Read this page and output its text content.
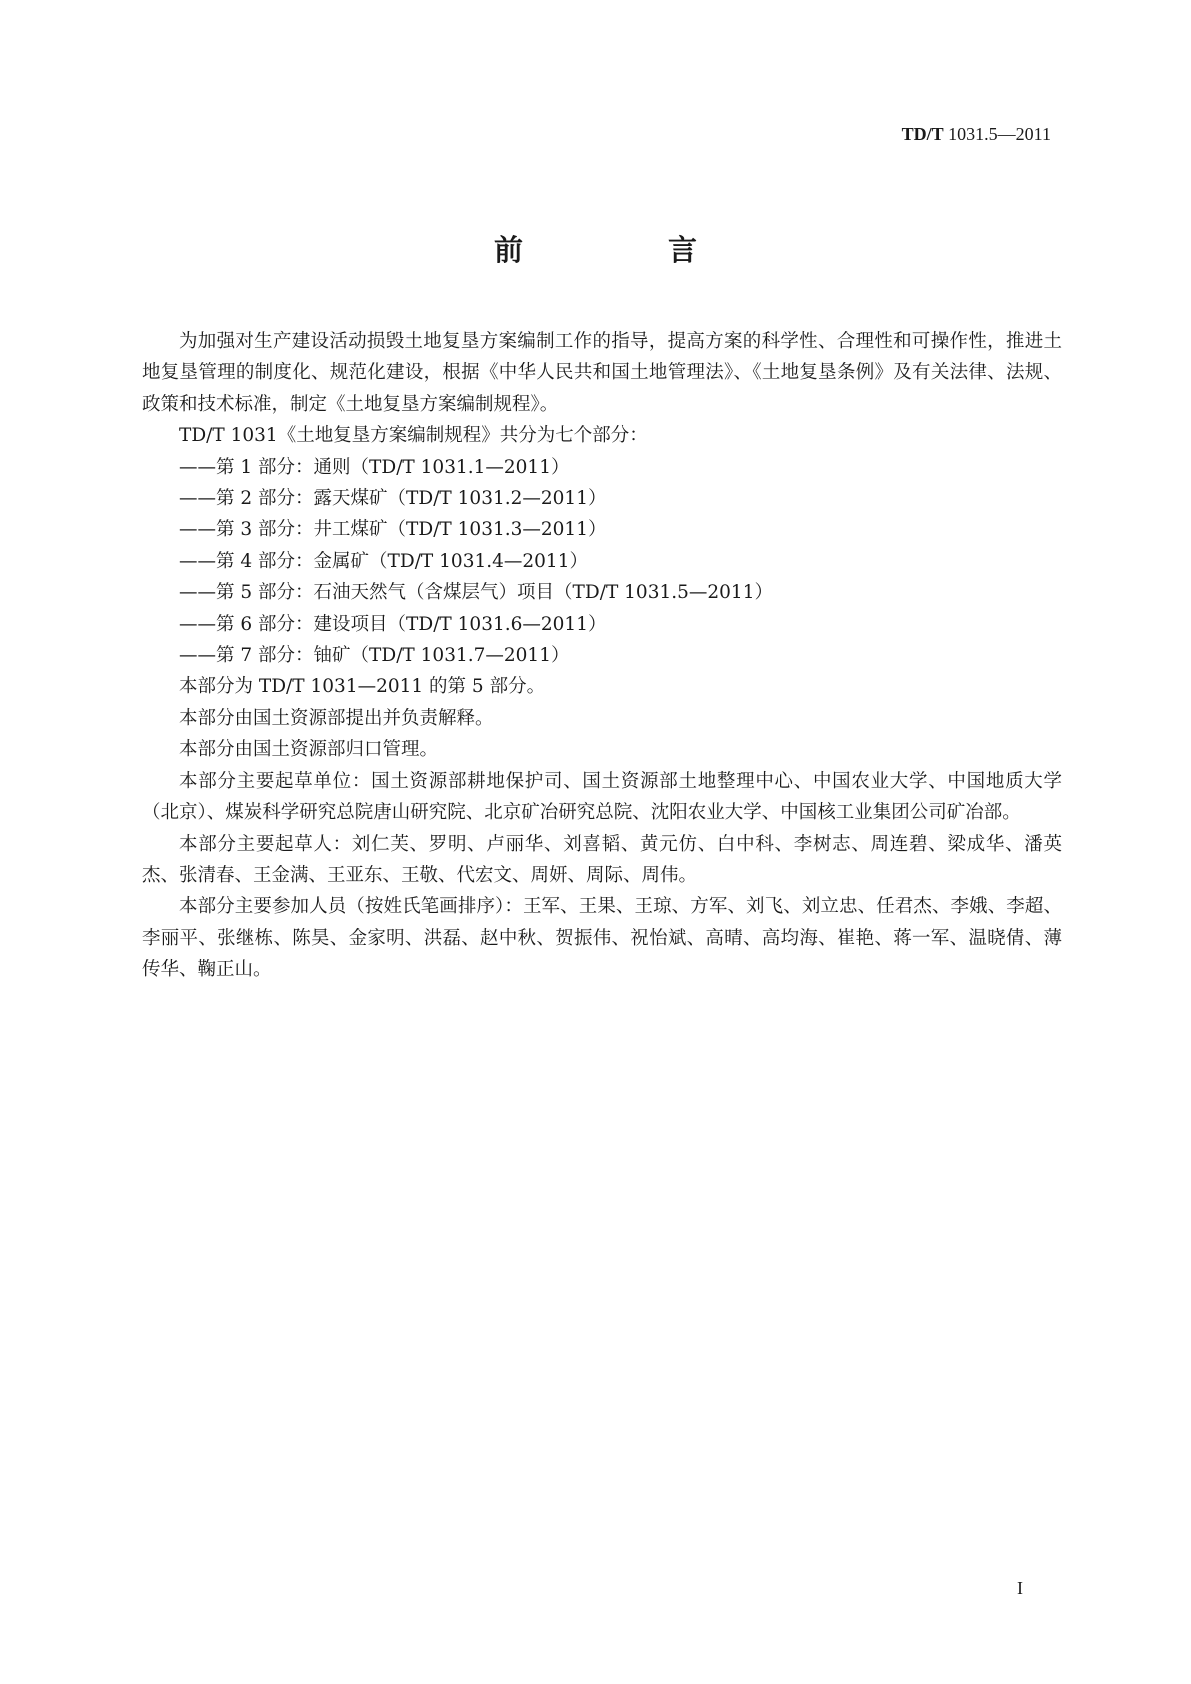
TD/T 1031.5—2011
前　言

为加强对生产建设活动损毁土地复垦方案编制工作的指导，提高方案的科学性、合理性和可操作性，推进土地复垦管理的制度化、规范化建设，根据《中华人民共和国土地管理法》、《土地复垦条例》及有关法律、法规、政策和技术标准，制定《土地复垦方案编制规程》。

TD/T 1031《土地复垦方案编制规程》共分为七个部分：

——第 1 部分：通则（TD/T 1031.1—2011）
——第 2 部分：露天煤矿（TD/T 1031.2—2011）
——第 3 部分：井工煤矿（TD/T 1031.3—2011）
——第 4 部分：金属矿（TD/T 1031.4—2011）
——第 5 部分：石油天然气（含煤层气）项目（TD/T 1031.5—2011）
——第 6 部分：建设项目（TD/T 1031.6—2011）
——第 7 部分：铀矿（TD/T 1031.7—2011）

本部分为 TD/T 1031—2011 的第 5 部分。

本部分由国土资源部提出并负责解释。

本部分由国土资源部归口管理。

本部分主要起草单位：国土资源部耕地保护司、国土资源部土地整理中心、中国农业大学、中国地质大学（北京）、煤炭科学研究总院唐山研究院、北京矿冶研究总院、沈阳农业大学、中国核工业集团公司矿冶部。

本部分主要起草人：刘仁芙、罗明、卢丽华、刘喜韬、黄元仿、白中科、李树志、周连碧、梁成华、潘英杰、张清春、王金满、王亚东、王敬、代宏文、周妍、周际、周伟。

本部分主要参加人员（按姓氏笔画排序）：王军、王果、王琼、方军、刘飞、刘立忠、任君杰、李娥、李超、李丽平、张继栋、陈昊、金家明、洪磊、赵中秋、贺振伟、祝怡斌、高晴、高均海、崔艳、蒋一军、温晓倩、薄传华、鞠正山。

I
